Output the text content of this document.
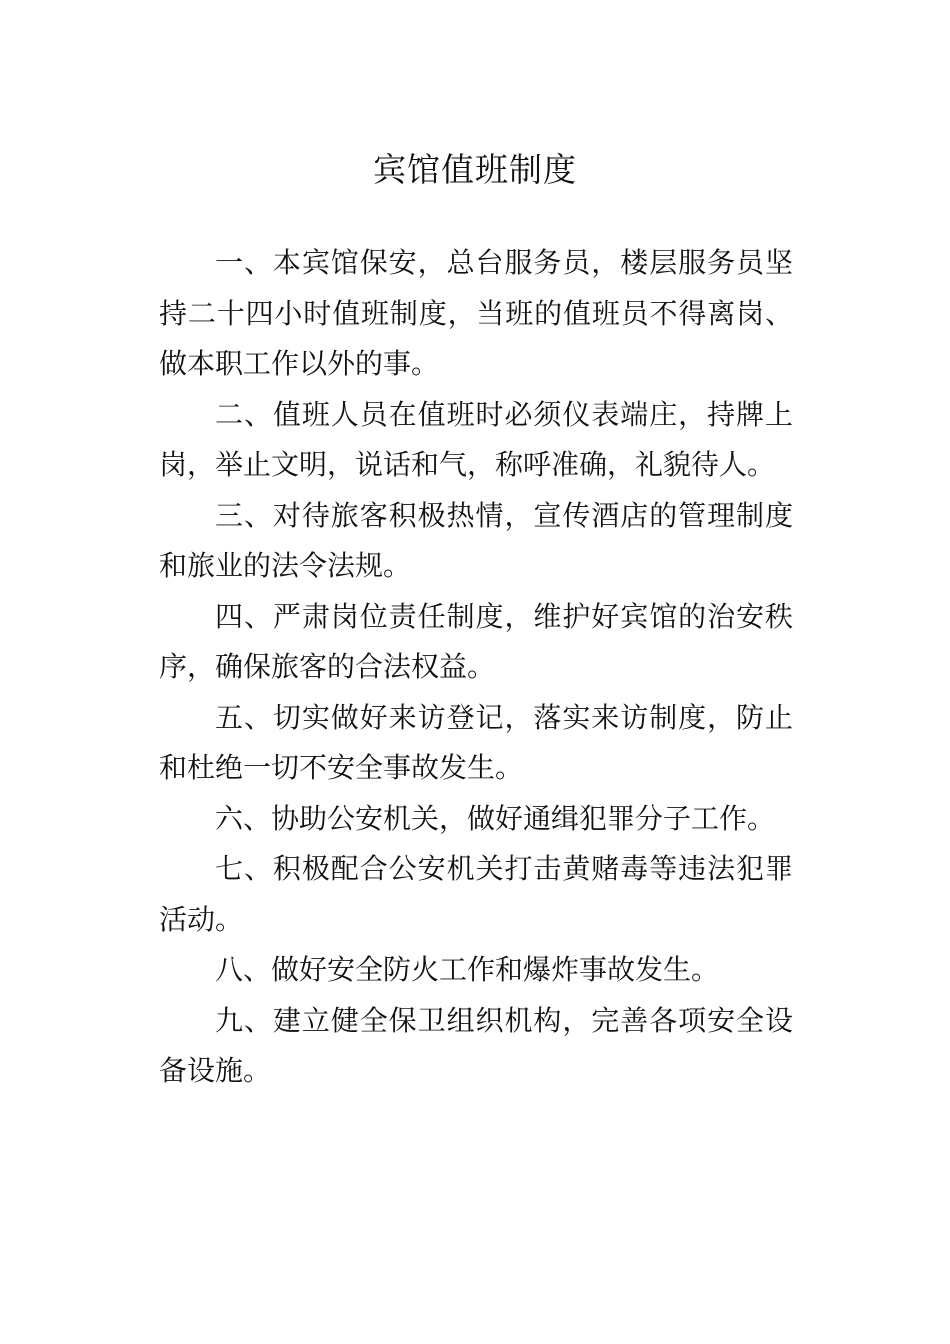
宾馆值班制度

一、本宾馆保安，总台服务员，楼层服务员坚持二十四小时值班制度，当班的值班员不得离岗、做本职工作以外的事。

二、值班人员在值班时必须仪表端庄，持牌上岗，举止文明，说话和气，称呼准确，礼貌待人。

三、对待旅客积极热情，宣传酒店的管理制度和旅业的法令法规。

四、严肃岗位责任制度，维护好宾馆的治安秩序，确保旅客的合法权益。

五、切实做好来访登记，落实来访制度，防止和杜绝一切不安全事故发生。

六、协助公安机关，做好通缉犯罪分子工作。

七、积极配合公安机关打击黄赌毒等违法犯罪活动。

八、做好安全防火工作和爆炸事故发生。

九、建立健全保卫组织机构，完善各项安全设备设施。
